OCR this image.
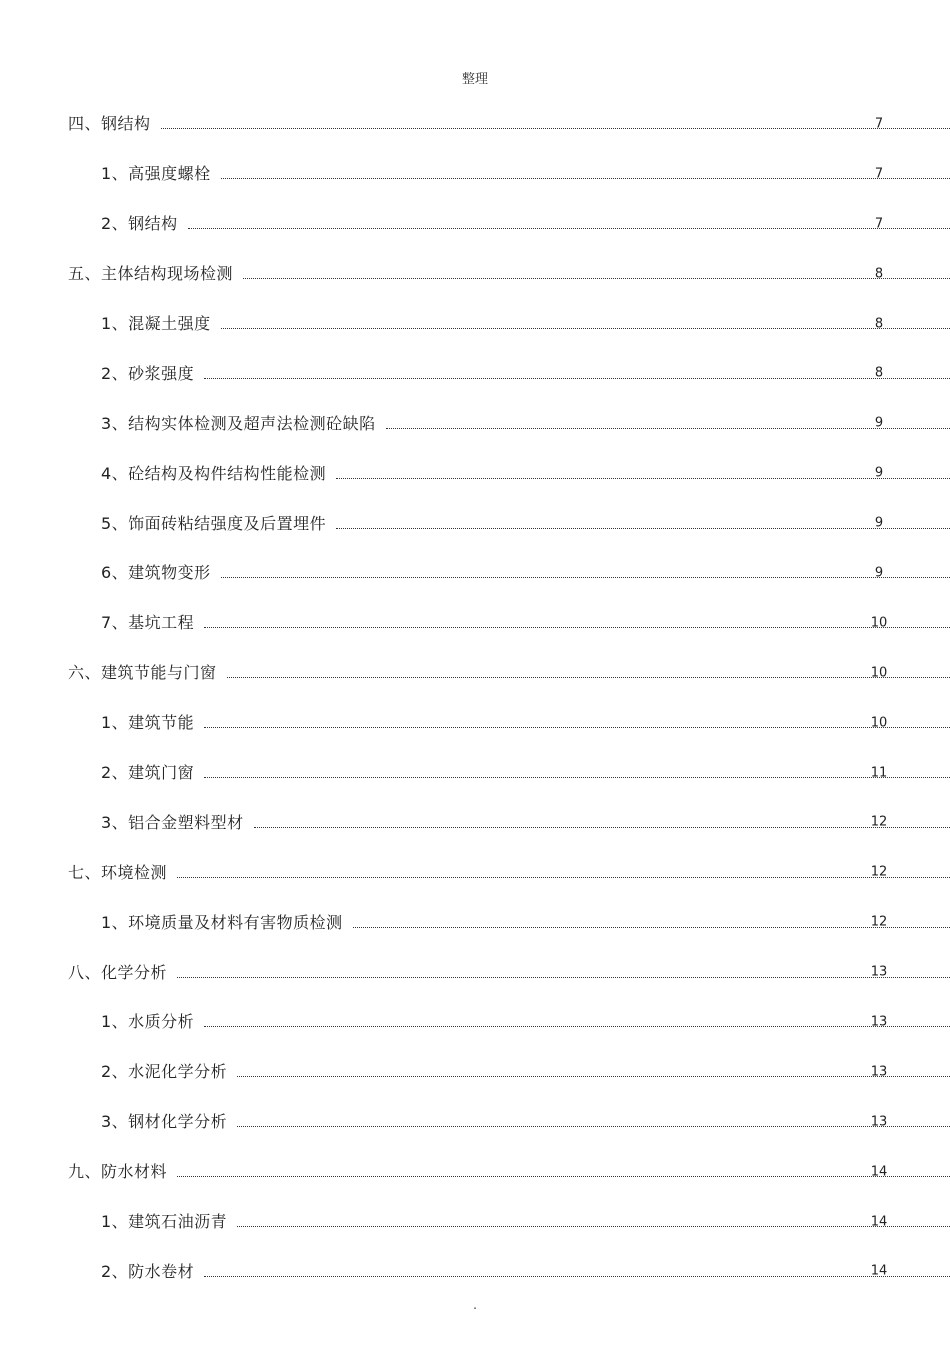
整理
四、钢结构	7
1、高强度螺栓	7
2、钢结构	7
五、主体结构现场检测	8
1、混凝土强度	8
2、砂浆强度	8
3、结构实体检测及超声法检测砼缺陷	9
4、砼结构及构件结构性能检测	9
5、饰面砖粘结强度及后置埋件	9
6、建筑物变形	9
7、基坑工程	10
六、建筑节能与门窗	10
1、建筑节能	10
2、建筑门窗	11
3、铝合金塑料型材	12
七、环境检测	12
1、环境质量及材料有害物质检测	12
八、化学分析	13
1、水质分析	13
2、水泥化学分析	13
3、钢材化学分析	13
九、防水材料	14
1、建筑石油沥青	14
2、防水卷材	14
.
